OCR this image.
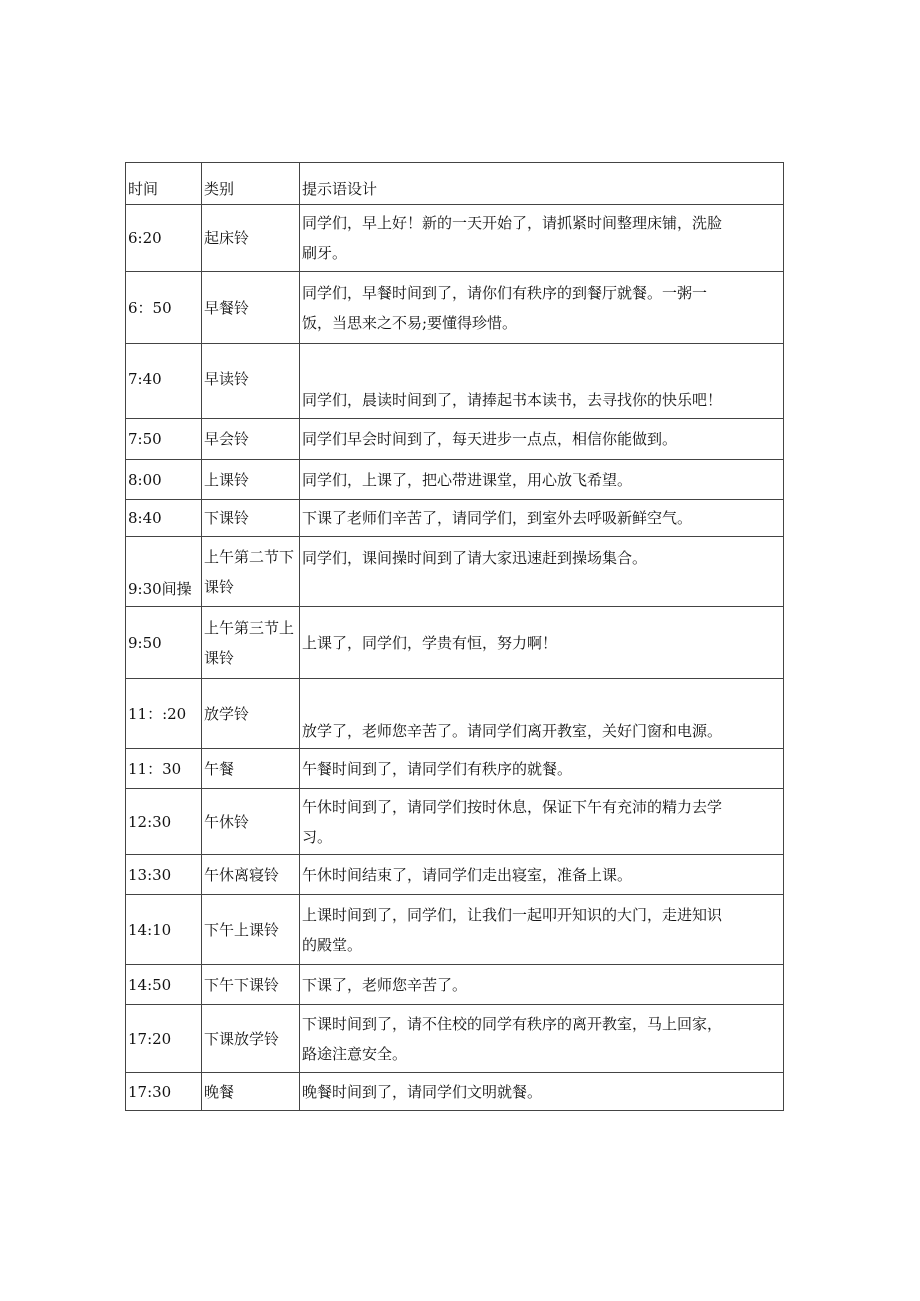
时间	类别	提示语设计
6:20	起床铃	同学们，早上好！新的一天开始了，请抓紧时间整理床铺，洗脸
刷牙。

6：50	早餐铃	同学们，早餐时间到了，请你们有秩序的到餐厅就餐。一粥一
饭，当思来之不易;要懂得珍惜。

7:40	早读铃	同学们，晨读时间到了，请捧起书本读书，去寻找你的快乐吧！

7:50	早会铃	同学们早会时间到了，每天进步一点点，相信你能做到。

8:00	上课铃	同学们，上课了，把心带进课堂，用心放飞希望。

8:40	下课铃	下课了老师们辛苦了，请同学们，到室外去呼吸新鲜空气。

9:30间操	上午第二节下课铃	同学们，课间操时间到了请大家迅速赶到操场集合。

9:50	上午第三节上课铃	上课了，同学们，学贵有恒，努力啊！

11：:20	放学铃	放学了，老师您辛苦了。请同学们离开教室，关好门窗和电源。

11：30	午餐	午餐时间到了，请同学们有秩序的就餐。

12:30	午休铃	午休时间到了，请同学们按时休息，保证下午有充沛的精力去学
习。

13:30	午休离寝铃	午休时间结束了，请同学们走出寝室，准备上课。

14:10	下午上课铃	上课时间到了，同学们，让我们一起叩开知识的大门，走进知识
的殿堂。

14:50	下午下课铃	下课了，老师您辛苦了。

17:20	下课放学铃	下课时间到了，请不住校的同学有秩序的离开教室，马上回家，
路途注意安全。

17:30	晚餐	晚餐时间到了，请同学们文明就餐。
